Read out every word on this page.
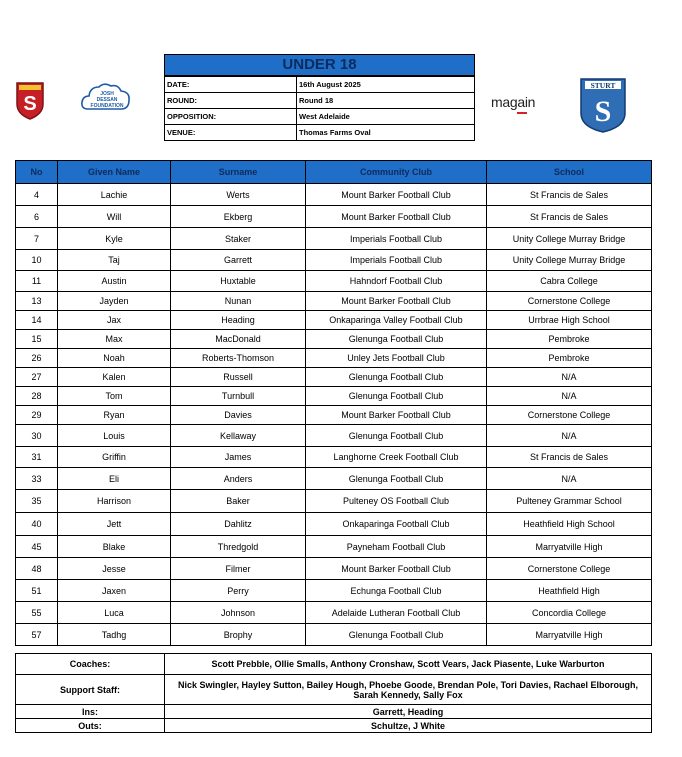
S	JOSH
DESSAN
FOUNDATION
UNDER 18
DATE:	16th August 2025
ROUND:	Round 18
OPPOSITION:	West Adelaide
VENUE:	Thomas Farms Oval
magain
STURT
S
No	Given Name	Surname	Community Club	School
4	Lachie	Werts	Mount Barker Football Club	St Francis de Sales
6	Will	Ekberg	Mount Barker Football Club	St Francis de Sales
7	Kyle	Staker	Imperials Football Club	Unity College Murray Bridge
10	Taj	Garrett	Imperials Football Club	Unity College Murray Bridge
11	Austin	Huxtable	Hahndorf Football Club	Cabra College
13	Jayden	Nunan	Mount Barker Football Club	Cornerstone College
14	Jax	Heading	Onkaparinga Valley Football Club	Urrbrae High School
15	Max	MacDonald	Glenunga Football Club	Pembroke
26	Noah	Roberts-Thomson	Unley Jets Football Club	Pembroke
27	Kalen	Russell	Glenunga Football Club	N/A
28	Tom	Turnbull	Glenunga Football Club	N/A
29	Ryan	Davies	Mount Barker Football Club	Cornerstone College
30	Louis	Kellaway	Glenunga Football Club	N/A
31	Griffin	James	Langhorne Creek Football Club	St Francis de Sales
33	Eli	Anders	Glenunga Football Club	N/A
35	Harrison	Baker	Pulteney OS Football Club	Pulteney Grammar School
40	Jett	Dahlitz	Onkaparinga Football Club	Heathfield High School
45	Blake	Thredgold	Payneham Football Club	Marryatville High
48	Jesse	Filmer	Mount Barker Football Club	Cornerstone College
51	Jaxen	Perry	Echunga Football Club	Heathfield High
55	Luca	Johnson	Adelaide Lutheran Football Club	Concordia College
57	Tadhg	Brophy	Glenunga Football Club	Marryatville High
Coaches:	Scott Prebble, Ollie Smalls, Anthony Cronshaw, Scott Vears, Jack Piasente, Luke Warburton
Support Staff:	Nick Swingler, Hayley Sutton, Bailey Hough, Phoebe Goode, Brendan Pole, Tori Davies, Rachael Elborough, Sarah Kennedy, Sally Fox
Ins:	Garrett, Heading
Outs:	Schultze, J White
